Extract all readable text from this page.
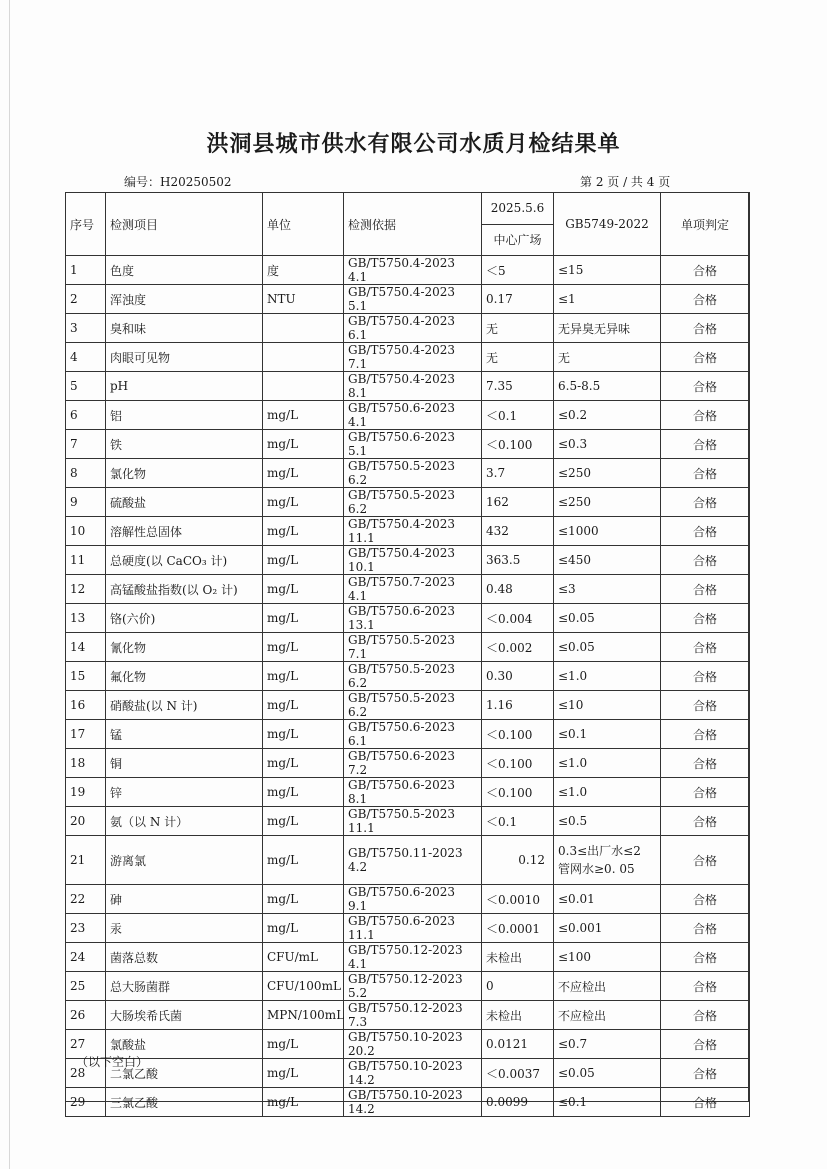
洪洞县城市供水有限公司水质月检结果单
编号：H20250502	第 2 页 / 共 4 页
序号	检测项目	单位	检测依据	2025.5.6	GB5749-2022	单项判定
				中心广场		
1	色度	度	GB/T5750.4-2023 4.1	＜5	≤15	合格
2	浑浊度	NTU	GB/T5750.4-2023 5.1	0.17	≤1	合格
3	臭和味		GB/T5750.4-2023 6.1	无	无异臭无异味	合格
4	肉眼可见物		GB/T5750.4-2023 7.1	无	无	合格
5	pH		GB/T5750.4-2023 8.1	7.35	6.5-8.5	合格
6	铝	mg/L	GB/T5750.6-2023 4.1	＜0.1	≤0.2	合格
7	铁	mg/L	GB/T5750.6-2023 5.1	＜0.100	≤0.3	合格
8	氯化物	mg/L	GB/T5750.5-2023 6.2	3.7	≤250	合格
9	硫酸盐	mg/L	GB/T5750.5-2023 6.2	162	≤250	合格
10	溶解性总固体	mg/L	GB/T5750.4-2023 11.1	432	≤1000	合格
11	总硬度(以 CaCO₃ 计)	mg/L	GB/T5750.4-2023 10.1	363.5	≤450	合格
12	高锰酸盐指数(以 O₂ 计)	mg/L	GB/T5750.7-2023 4.1	0.48	≤3	合格
13	铬(六价)	mg/L	GB/T5750.6-2023 13.1	＜0.004	≤0.05	合格
14	氰化物	mg/L	GB/T5750.5-2023 7.1	＜0.002	≤0.05	合格
15	氟化物	mg/L	GB/T5750.5-2023 6.2	0.30	≤1.0	合格
16	硝酸盐(以 N 计)	mg/L	GB/T5750.5-2023 6.2	1.16	≤10	合格
17	锰	mg/L	GB/T5750.6-2023 6.1	＜0.100	≤0.1	合格
18	铜	mg/L	GB/T5750.6-2023 7.2	＜0.100	≤1.0	合格
19	锌	mg/L	GB/T5750.6-2023 8.1	＜0.100	≤1.0	合格
20	氨（以 N 计）	mg/L	GB/T5750.5-2023 11.1	＜0.1	≤0.5	合格
21	游离氯	mg/L	GB/T5750.11-2023 4.2	0.12	0.3≤出厂水≤2
管网水≥0. 05	合格
22	砷	mg/L	GB/T5750.6-2023 9.1	＜0.0010	≤0.01	合格
23	汞	mg/L	GB/T5750.6-2023 11.1	＜0.0001	≤0.001	合格
24	菌落总数	CFU/mL	GB/T5750.12-2023 4.1	未检出	≤100	合格
25	总大肠菌群	CFU/100mL	GB/T5750.12-2023 5.2	0	不应检出	合格
26	大肠埃希氏菌	MPN/100mL	GB/T5750.12-2023 7.3	未检出	不应检出	合格
27	氯酸盐	mg/L	GB/T5750.10-2023 20.2	0.0121	≤0.7	合格
28	二氯乙酸	mg/L	GB/T5750.10-2023 14.2	＜0.0037	≤0.05	合格
29	三氯乙酸	mg/L	GB/T5750.10-2023 14.2	0.0099	≤0.1	合格
（以下空白）
